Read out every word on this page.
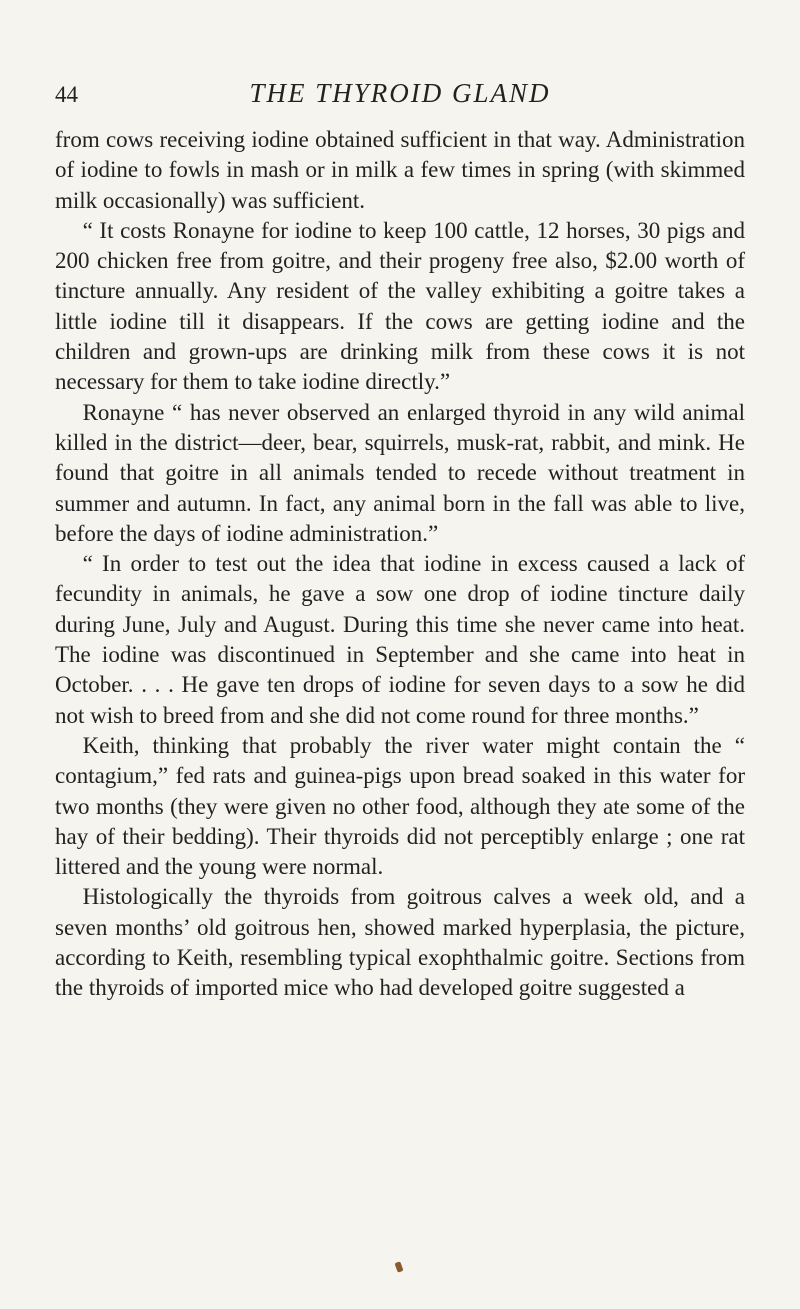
44	THE THYROID GLAND

from cows receiving iodine obtained sufficient in that way. Administration of iodine to fowls in mash or in milk a few times in spring (with skimmed milk occasionally) was sufficient.

“ It costs Ronayne for iodine to keep 100 cattle, 12 horses, 30 pigs and 200 chicken free from goitre, and their progeny free also, $2.00 worth of tincture annually. Any resident of the valley exhibiting a goitre takes a little iodine till it disappears. If the cows are getting iodine and the children and grown-ups are drinking milk from these cows it is not necessary for them to take iodine directly.”

Ronayne “ has never observed an enlarged thyroid in any wild animal killed in the district—deer, bear, squirrels, musk-rat, rabbit, and mink. He found that goitre in all animals tended to recede without treatment in summer and autumn. In fact, any animal born in the fall was able to live, before the days of iodine administration.”

“ In order to test out the idea that iodine in excess caused a lack of fecundity in animals, he gave a sow one drop of iodine tincture daily during June, July and August. During this time she never came into heat. The iodine was discontinued in September and she came into heat in October. . . . He gave ten drops of iodine for seven days to a sow he did not wish to breed from and she did not come round for three months.”

Keith, thinking that probably the river water might contain the “ contagium,” fed rats and guinea-pigs upon bread soaked in this water for two months (they were given no other food, although they ate some of the hay of their bedding). Their thyroids did not perceptibly enlarge ; one rat littered and the young were normal.

Histologically the thyroids from goitrous calves a week old, and a seven months’ old goitrous hen, showed marked hyperplasia, the picture, according to Keith, resembling typical exophthalmic goitre. Sections from the thyroids of imported mice who had developed goitre suggested a
